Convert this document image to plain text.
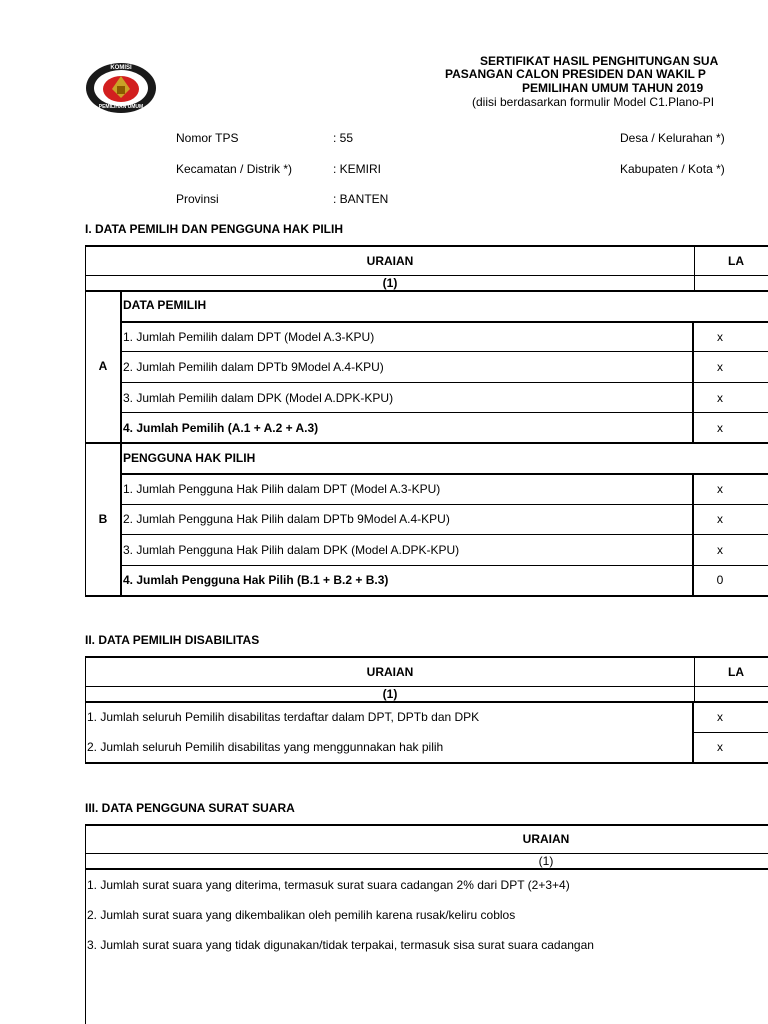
KOMISI
PEMILIHAN UMUM
SERTIFIKAT HASIL PENGHITUNGAN SUA
PASANGAN CALON PRESIDEN DAN WAKIL P
PEMILIHAN UMUM TAHUN 2019
(diisi berdasarkan formulir Model C1.Plano-PI
Nomor TPS	: 55	Desa / Kelurahan *)
Kecamatan / Distrik *)	: KEMIRI	Kabupaten / Kota *)
Provinsi	: BANTEN
I. DATA PEMILIH DAN PENGGUNA HAK PILIH
URAIAN	LA
(1)
DATA PEMILIH
A
1. Jumlah Pemilih dalam DPT (Model A.3-KPU)	x
2. Jumlah Pemilih dalam DPTb 9Model A.4-KPU)	x
3. Jumlah Pemilih dalam DPK (Model A.DPK-KPU)	x
4. Jumlah Pemilih (A.1 + A.2 + A.3)	x
PENGGUNA HAK PILIH
B
1. Jumlah Pengguna Hak Pilih dalam DPT (Model A.3-KPU)	x
2. Jumlah Pengguna Hak Pilih dalam DPTb 9Model A.4-KPU)	x
3. Jumlah Pengguna Hak Pilih dalam DPK (Model A.DPK-KPU)	x
4. Jumlah Pengguna Hak Pilih (B.1 + B.2 + B.3)	0
II. DATA PEMILIH DISABILITAS
URAIAN	LA
(1)
1. Jumlah seluruh Pemilih disabilitas terdaftar dalam DPT, DPTb dan DPK	x
2. Jumlah seluruh Pemilih disabilitas yang menggunnakan hak pilih	x
III. DATA PENGGUNA SURAT SUARA
URAIAN
(1)
1. Jumlah surat suara yang diterima, termasuk surat suara cadangan 2% dari DPT (2+3+4)
2. Jumlah surat suara yang dikembalikan oleh pemilih karena rusak/keliru coblos
3. Jumlah surat suara yang tidak digunakan/tidak terpakai, termasuk sisa surat suara cadangan
